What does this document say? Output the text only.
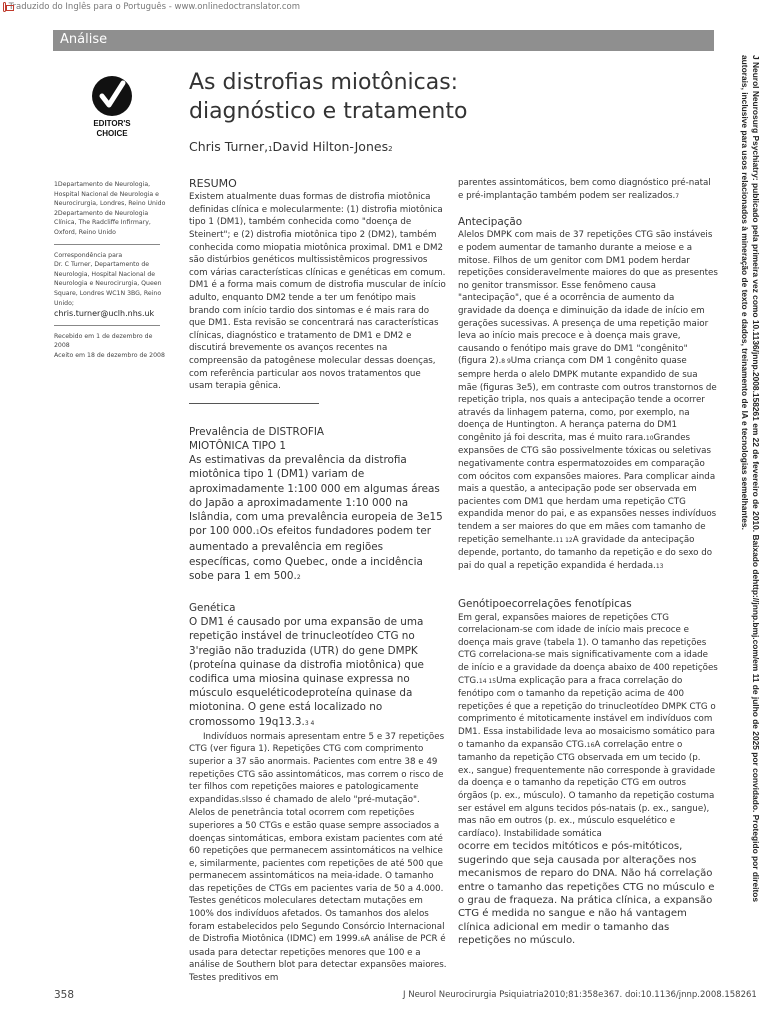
Traduzido do Inglês para o Português - www.onlinedoctranslator.com
Análise
EDITOR'S
CHOICE
As distrofias miotônicas:
diagnóstico e tratamento
Chris Turner,1David Hilton-Jones2
1Departamento de Neurologia,
Hospital Nacional de Neurologia e
Neurocirurgia, Londres, Reino Unido
2Departamento de Neurologia
Clínica, The Radcliffe Infirmary,
Oxford, Reino Unido
Correspondência para
Dr. C Turner, Departamento de
Neurologia, Hospital Nacional de
Neurologia e Neurocirurgia, Queen
Square, Londres WC1N 3BG, Reino
Unido;
chris.turner@uclh.nhs.uk
Recebido em 1 de dezembro de 2008
Aceito em 18 de dezembro de 2008
RESUMO

Existem atualmente duas formas de distrofia miotônica definidas clínica e molecularmente: (1) distrofia miotônica tipo 1 (DM1), também conhecida como "doença de Steinert"; e (2) distrofia miotônica tipo 2 (DM2), também conhecida como miopatia miotônica proximal. DM1 e DM2 são distúrbios genéticos multissistêmicos progressivos com várias características clínicas e genéticas em comum. DM1 é a forma mais comum de distrofia muscular de início adulto, enquanto DM2 tende a ter um fenótipo mais brando com início tardio dos sintomas e é mais rara do que DM1. Esta revisão se concentrará nas características clínicas, diagnóstico e tratamento de DM1 e DM2 e discutirá brevemente os avanços recentes na compreensão da patogênese molecular dessas doenças, com referência particular aos novos tratamentos que usam terapia gênica.

Prevalência de DISTROFIA
MIOTÔNICA TIPO 1

As estimativas da prevalência da distrofia miotônica tipo 1 (DM1) variam de aproximadamente 1:100 000 em algumas áreas do Japão a aproximadamente 1:10 000 na Islândia, com uma prevalência europeia de 3e15 por 100 000.1Os efeitos fundadores podem ter aumentado a prevalência em regiões específicas, como Quebec, onde a incidência sobe para 1 em 500.2

Genética

O DM1 é causado por uma expansão de uma repetição instável de trinucleotídeo CTG no 3'região não traduzida (UTR) do gene DMPK (proteína quinase da distrofia miotônica) que codifica uma miosina quinase expressa no músculo esqueléticodeproteína quinase da miotonina. O gene está localizado no cromossomo 19q13.3.3 4

Indivíduos normais apresentam entre 5 e 37 repetições CTG (ver figura 1). Repetições CTG com comprimento superior a 37 são anormais. Pacientes com entre 38 e 49 repetições CTG são assintomáticos, mas correm o risco de ter filhos com repetições maiores e patologicamente expandidas.5Isso é chamado de alelo "pré-mutação". Alelos de penetrância total ocorrem com repetições superiores a 50 CTGs e estão quase sempre associados a doenças sintomáticas, embora existam pacientes com até 60 repetições que permanecem assintomáticos na velhice e, similarmente, pacientes com repetições de até 500 que permanecem assintomáticos na meia-idade. O tamanho das repetições de CTGs em pacientes varia de 50 a 4.000. Testes genéticos moleculares detectam mutações em 100% dos indivíduos afetados. Os tamanhos dos alelos foram estabelecidos pelo Segundo Consórcio Internacional de Distrofia Miotônica (IDMC) em 1999.6A análise de PCR é usada para detectar repetições menores que 100 e a análise de Southern blot para detectar expansões maiores. Testes preditivos em

parentes assintomáticos, bem como diagnóstico pré-natal e pré-implantação também podem ser realizados.7

Antecipação

Alelos DMPK com mais de 37 repetições CTG são instáveis e podem aumentar de tamanho durante a meiose e a mitose. Filhos de um genitor com DM1 podem herdar repetições consideravelmente maiores do que as presentes no genitor transmissor. Esse fenômeno causa "antecipação", que é a ocorrência de aumento da gravidade da doença e diminuição da idade de início em gerações sucessivas. A presença de uma repetição maior leva ao início mais precoce e à doença mais grave, causando o fenótipo mais grave do DM1 "congênito" (figura 2).8 9Uma criança com DM 1 congênito quase sempre herda o alelo DMPK mutante expandido de sua mãe (figuras 3e5), em contraste com outros transtornos de repetição tripla, nos quais a antecipação tende a ocorrer através da linhagem paterna, como, por exemplo, na doença de Huntington. A herança paterna do DM1 congênito já foi descrita, mas é muito rara.10Grandes expansões de CTG são possivelmente tóxicas ou seletivas negativamente contra espermatozoides em comparação com oócitos com expansões maiores. Para complicar ainda mais a questão, a antecipação pode ser observada em pacientes com DM1 que herdam uma repetição CTG expandida menor do pai, e as expansões nesses indivíduos tendem a ser maiores do que em mães com tamanho de repetição semelhante.11 12A gravidade da antecipação depende, portanto, do tamanho da repetição e do sexo do pai do qual a repetição expandida é herdada.13

Genótipoecorrelações fenotípicas

Em geral, expansões maiores de repetições CTG correlacionam-se com idade de início mais precoce e doença mais grave (tabela 1). O tamanho das repetições CTG correlaciona-se mais significativamente com a idade de início e a gravidade da doença abaixo de 400 repetições CTG.14 15Uma explicação para a fraca correlação do fenótipo com o tamanho da repetição acima de 400 repetições é que a repetição do trinucleotídeo DMPK CTG o comprimento é mitoticamente instável em indivíduos com DM1. Essa instabilidade leva ao mosaicismo somático para o tamanho da expansão CTG.16A correlação entre o tamanho da repetição CTG observada em um tecido (p. ex., sangue) frequentemente não corresponde à gravidade da doença e o tamanho da repetição CTG em outros órgãos (p. ex., músculo). O tamanho da repetição costuma ser estável em alguns tecidos pós-natais (p. ex., sangue), mas não em outros (p. ex., músculo esquelético e cardíaco). Instabilidade somática

ocorre em tecidos mitóticos e pós-mitóticos, sugerindo que seja causada por alterações nos mecanismos de reparo do DNA. Não há correlação entre o tamanho das repetições CTG no músculo e o grau de fraqueza. Na prática clínica, a expansão CTG é medida no sangue e não há vantagem clínica adicional em medir o tamanho das repetições no músculo.

J Neurol Neurosurg Psychiatry: publicado pela primeira vez como 10.1136/jnnp.2008.158261 em 22 de fevereiro de 2010. Baixado dehttp://jnnp.bmj.com/em 11 de julho de 2025 por convidado. Protegido por direitos autorais, inclusive para usos relacionados à mineração de texto e dados, treinamento de IA e tecnologias semelhantes.
358	J Neurol Neurocirurgia Psiquiatria2010;81:358e367. doi:10.1136/jnnp.2008.158261
